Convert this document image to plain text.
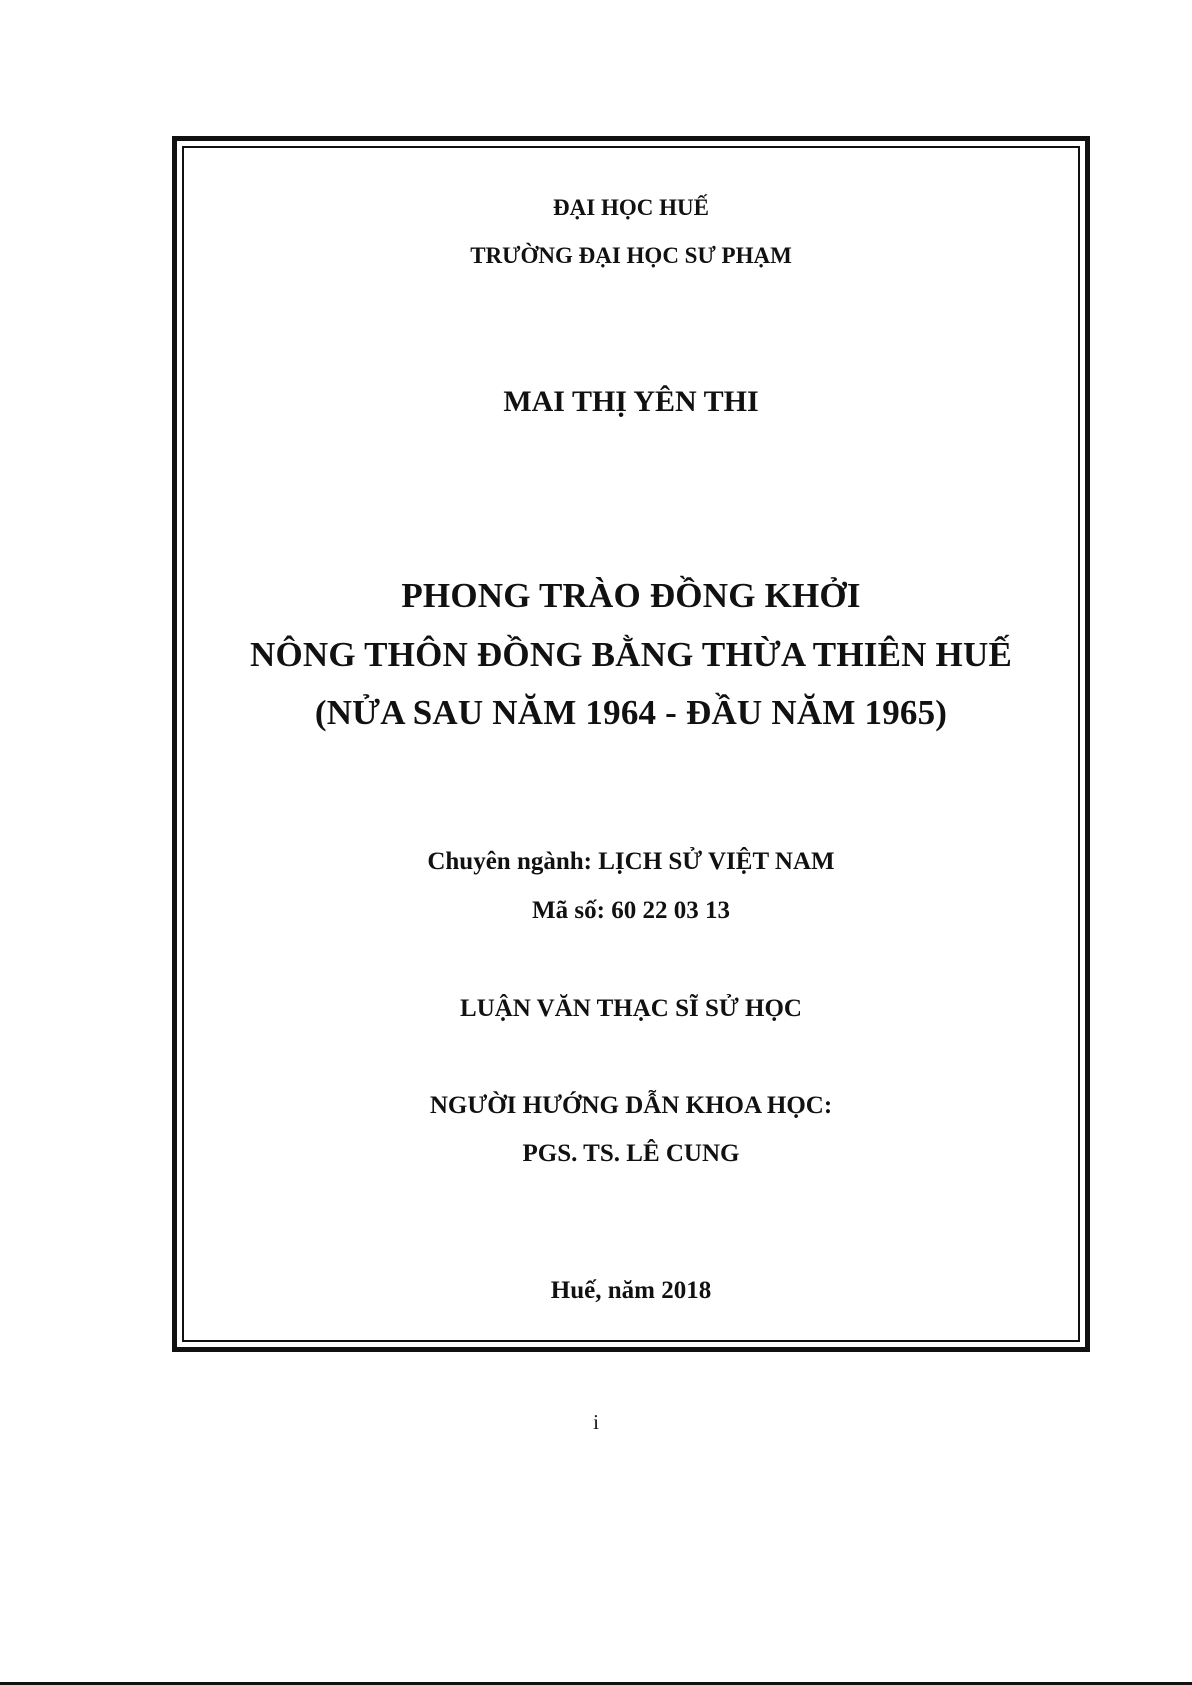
ĐẠI HỌC HUẾ
TRƯỜNG ĐẠI HỌC SƯ PHẠM
MAI THỊ YÊN THI
PHONG TRÀO ĐỒNG KHỞI
NÔNG THÔN ĐỒNG BẰNG THỪA THIÊN HUẾ
(NỬA SAU NĂM 1964 - ĐẦU NĂM 1965)
Chuyên ngành: LỊCH SỬ VIỆT NAM
Mã số: 60 22 03 13
LUẬN VĂN THẠC SĨ SỬ HỌC
NGƯỜI HƯỚNG DẪN KHOA HỌC:
PGS. TS. LÊ CUNG
Huế, năm 2018
i
